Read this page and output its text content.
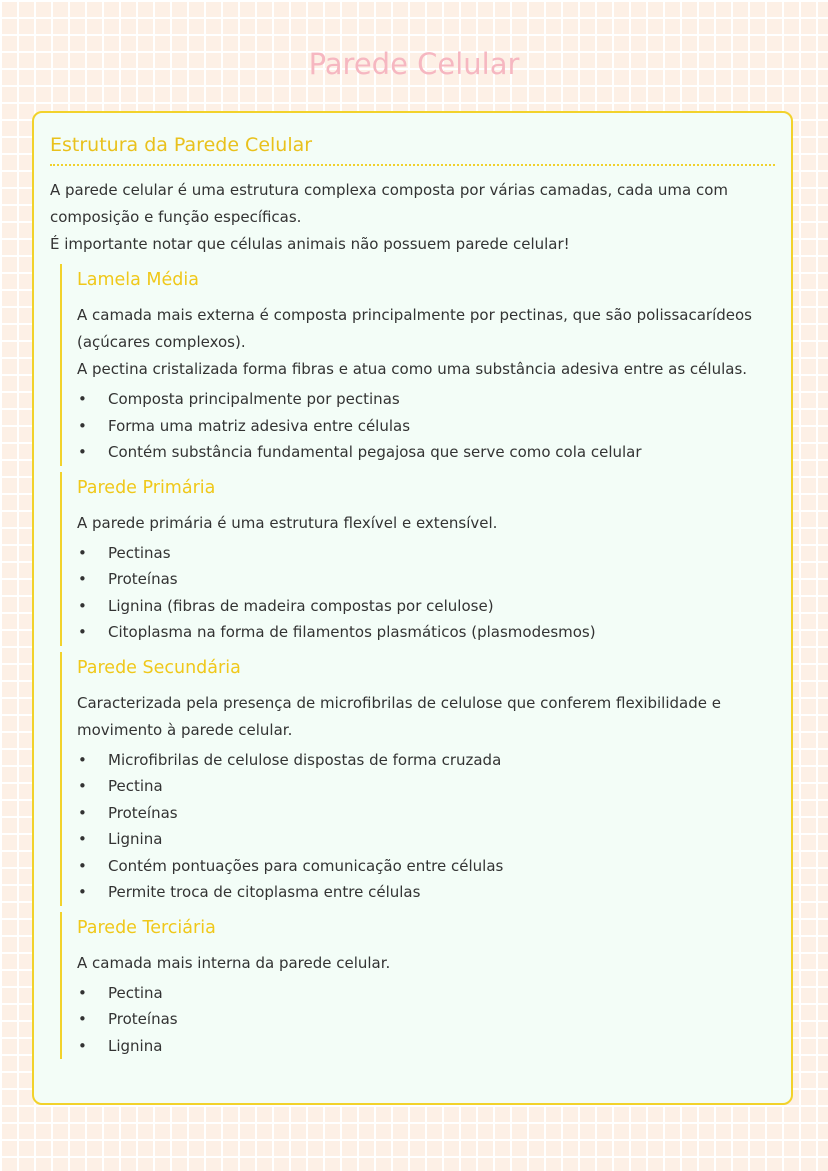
Parede Celular
Estrutura da Parede Celular

A parede celular é uma estrutura complexa composta por várias camadas, cada uma com composição e função específicas.

É importante notar que células animais não possuem parede celular!

Lamela Média

A camada mais externa é composta principalmente por pectinas, que são polissacarídeos (açúcares complexos).

A pectina cristalizada forma fibras e atua como uma substância adesiva entre as células.

• Composta principalmente por pectinas
• Forma uma matriz adesiva entre células
• Contém substância fundamental pegajosa que serve como cola celular
Parede Primária

A parede primária é uma estrutura flexível e extensível.

• Pectinas
• Proteínas
• Lignina (fibras de madeira compostas por celulose)
• Citoplasma na forma de filamentos plasmáticos (plasmodesmos)
Parede Secundária

Caracterizada pela presença de microfibrilas de celulose que conferem flexibilidade e movimento à parede celular.

• Microfibrilas de celulose dispostas de forma cruzada
• Pectina
• Proteínas
• Lignina
• Contém pontuações para comunicação entre células
• Permite troca de citoplasma entre células
Parede Terciária

A camada mais interna da parede celular.

• Pectina
• Proteínas
• Lignina
